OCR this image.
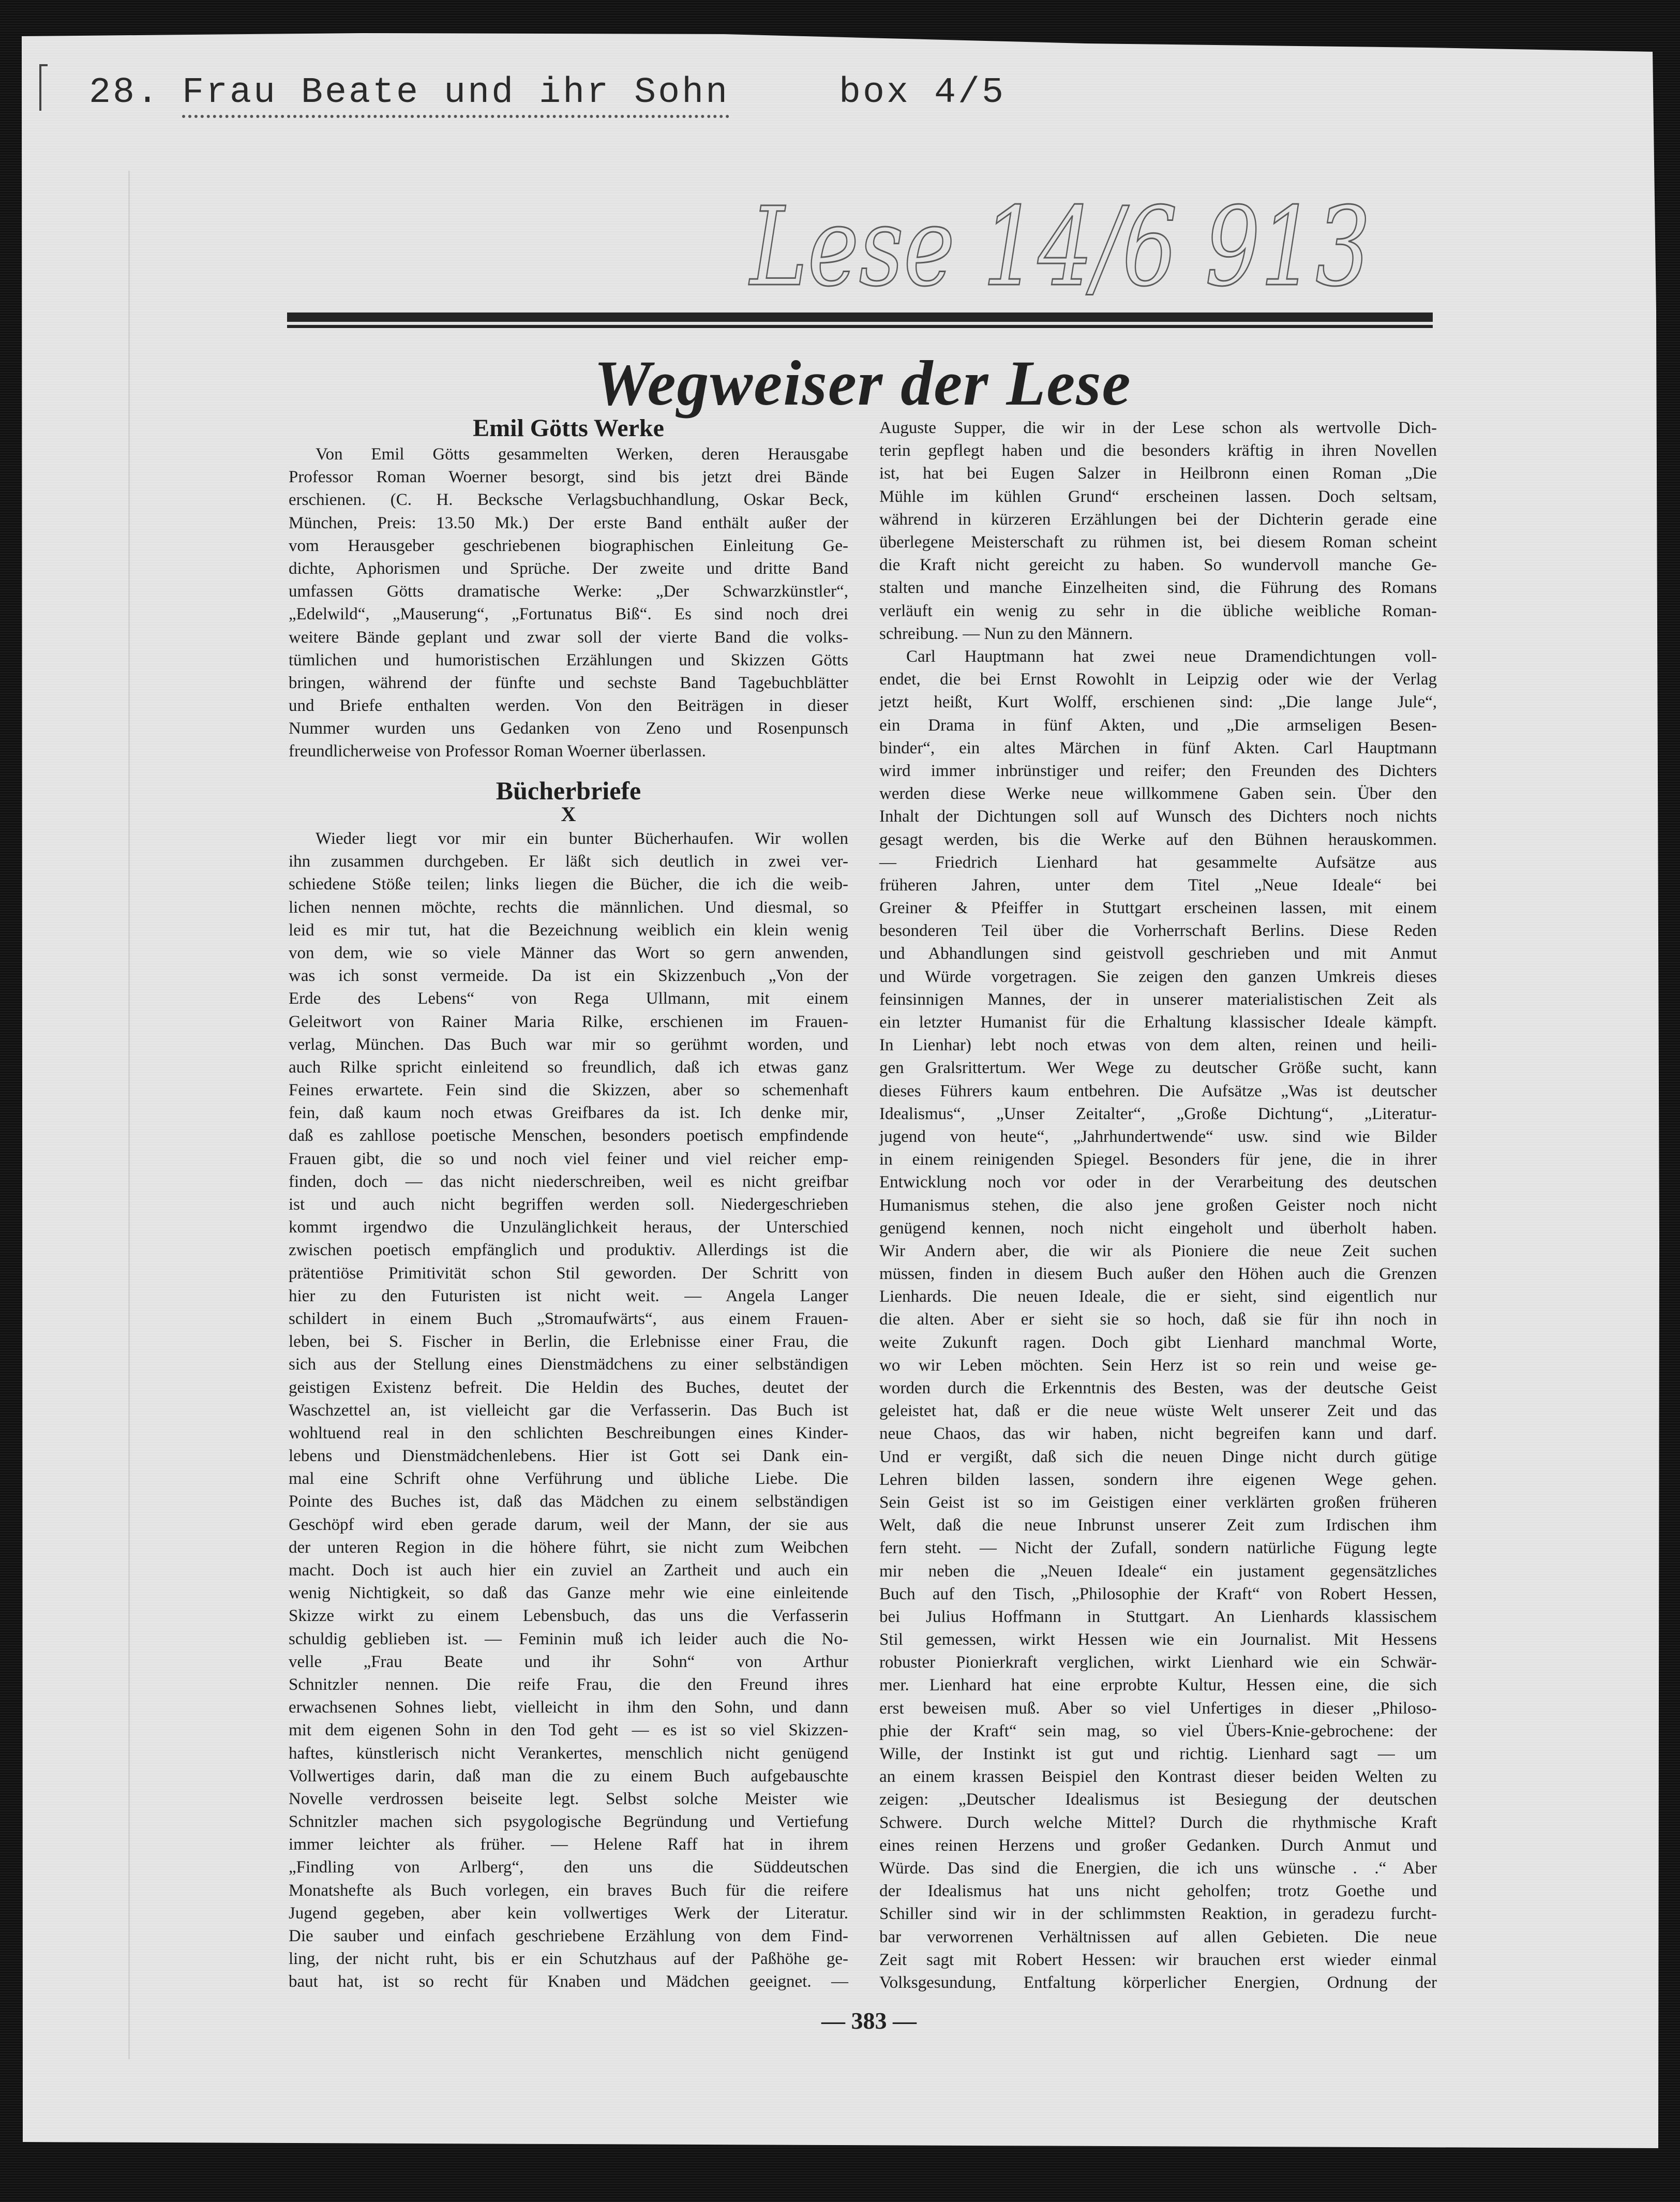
28. Frau Beate und ihr Sohn	box 4/5
Lese 14/6 913
Wegweiser der Lese
Emil Götts Werke
Von Emil Götts gesammelten Werken, deren Herausgabe
Professor Roman Woerner besorgt, sind bis jetzt drei Bände
erschienen. (C. H. Becksche Verlagsbuchhandlung, Oskar Beck,
München, Preis: 13.50 Mk.) Der erste Band enthält außer der
vom Herausgeber geschriebenen biographischen Einleitung Ge-
dichte, Aphorismen und Sprüche. Der zweite und dritte Band
umfassen Götts dramatische Werke: „Der Schwarzkünstler“,
„Edelwild“, „Mauserung“, „Fortunatus Biß“. Es sind noch drei
weitere Bände geplant und zwar soll der vierte Band die volks-
tümlichen und humoristischen Erzählungen und Skizzen Götts
bringen, während der fünfte und sechste Band Tagebuchblätter
und Briefe enthalten werden. Von den Beiträgen in dieser
Nummer wurden uns Gedanken von Zeno und Rosenpunsch
freundlicherweise von Professor Roman Woerner überlassen.
Bücherbriefe
X
Wieder liegt vor mir ein bunter Bücherhaufen. Wir wollen
ihn zusammen durchgeben. Er läßt sich deutlich in zwei ver-
schiedene Stöße teilen; links liegen die Bücher, die ich die weib-
lichen nennen möchte, rechts die männlichen. Und diesmal, so
leid es mir tut, hat die Bezeichnung weiblich ein klein wenig
von dem, wie so viele Männer das Wort so gern anwenden,
was ich sonst vermeide. Da ist ein Skizzenbuch „Von der
Erde des Lebens“ von Rega Ullmann, mit einem
Geleitwort von Rainer Maria Rilke, erschienen im Frauen-
verlag, München. Das Buch war mir so gerühmt worden, und
auch Rilke spricht einleitend so freundlich, daß ich etwas ganz
Feines erwartete. Fein sind die Skizzen, aber so schemenhaft
fein, daß kaum noch etwas Greifbares da ist. Ich denke mir,
daß es zahllose poetische Menschen, besonders poetisch empfindende
Frauen gibt, die so und noch viel feiner und viel reicher emp-
finden, doch — das nicht niederschreiben, weil es nicht greifbar
ist und auch nicht begriffen werden soll. Niedergeschrieben
kommt irgendwo die Unzulänglichkeit heraus, der Unterschied
zwischen poetisch empfänglich und produktiv. Allerdings ist die
prätentiöse Primitivität schon Stil geworden. Der Schritt von
hier zu den Futuristen ist nicht weit. — Angela Langer
schildert in einem Buch „Stromaufwärts“, aus einem Frauen-
leben, bei S. Fischer in Berlin, die Erlebnisse einer Frau, die
sich aus der Stellung eines Dienstmädchens zu einer selbständigen
geistigen Existenz befreit. Die Heldin des Buches, deutet der
Waschzettel an, ist vielleicht gar die Verfasserin. Das Buch ist
wohltuend real in den schlichten Beschreibungen eines Kinder-
lebens und Dienstmädchenlebens. Hier ist Gott sei Dank ein-
mal eine Schrift ohne Verführung und übliche Liebe. Die
Pointe des Buches ist, daß das Mädchen zu einem selbständigen
Geschöpf wird eben gerade darum, weil der Mann, der sie aus
der unteren Region in die höhere führt, sie nicht zum Weibchen
macht. Doch ist auch hier ein zuviel an Zartheit und auch ein
wenig Nichtigkeit, so daß das Ganze mehr wie eine einleitende
Skizze wirkt zu einem Lebensbuch, das uns die Verfasserin
schuldig geblieben ist. — Feminin muß ich leider auch die No-
velle „Frau Beate und ihr Sohn“ von Arthur
Schnitzler nennen. Die reife Frau, die den Freund ihres
erwachsenen Sohnes liebt, vielleicht in ihm den Sohn, und dann
mit dem eigenen Sohn in den Tod geht — es ist so viel Skizzen-
haftes, künstlerisch nicht Verankertes, menschlich nicht genügend
Vollwertiges darin, daß man die zu einem Buch aufgebauschte
Novelle verdrossen beiseite legt. Selbst solche Meister wie
Schnitzler machen sich psygologische Begründung und Vertiefung
immer leichter als früher. — Helene Raff hat in ihrem
„Findling von Arlberg“, den uns die Süddeutschen
Monatshefte als Buch vorlegen, ein braves Buch für die reifere
Jugend gegeben, aber kein vollwertiges Werk der Literatur.
Die sauber und einfach geschriebene Erzählung von dem Find-
ling, der nicht ruht, bis er ein Schutzhaus auf der Paßhöhe ge-
baut hat, ist so recht für Knaben und Mädchen geeignet. —
Auguste Supper, die wir in der Lese schon als wertvolle Dich-
terin gepflegt haben und die besonders kräftig in ihren Novellen
ist, hat bei Eugen Salzer in Heilbronn einen Roman „Die
Mühle im kühlen Grund“ erscheinen lassen. Doch seltsam,
während in kürzeren Erzählungen bei der Dichterin gerade eine
überlegene Meisterschaft zu rühmen ist, bei diesem Roman scheint
die Kraft nicht gereicht zu haben. So wundervoll manche Ge-
stalten und manche Einzelheiten sind, die Führung des Romans
verläuft ein wenig zu sehr in die übliche weibliche Roman-
schreibung. — Nun zu den Männern.
Carl Hauptmann hat zwei neue Dramendichtungen voll-
endet, die bei Ernst Rowohlt in Leipzig oder wie der Verlag
jetzt heißt, Kurt Wolff, erschienen sind: „Die lange Jule“,
ein Drama in fünf Akten, und „Die armseligen Besen-
binder“, ein altes Märchen in fünf Akten. Carl Hauptmann
wird immer inbrünstiger und reifer; den Freunden des Dichters
werden diese Werke neue willkommene Gaben sein. Über den
Inhalt der Dichtungen soll auf Wunsch des Dichters noch nichts
gesagt werden, bis die Werke auf den Bühnen herauskommen.
— Friedrich Lienhard hat gesammelte Aufsätze aus
früheren Jahren, unter dem Titel „Neue Ideale“ bei
Greiner & Pfeiffer in Stuttgart erscheinen lassen, mit einem
besonderen Teil über die Vorherrschaft Berlins. Diese Reden
und Abhandlungen sind geistvoll geschrieben und mit Anmut
und Würde vorgetragen. Sie zeigen den ganzen Umkreis dieses
feinsinnigen Mannes, der in unserer materialistischen Zeit als
ein letzter Humanist für die Erhaltung klassischer Ideale kämpft.
In Lienhar) lebt noch etwas von dem alten, reinen und heili-
gen Gralsrittertum. Wer Wege zu deutscher Größe sucht, kann
dieses Führers kaum entbehren. Die Aufsätze „Was ist deutscher
Idealismus“, „Unser Zeitalter“, „Große Dichtung“, „Literatur-
jugend von heute“, „Jahrhundertwende“ usw. sind wie Bilder
in einem reinigenden Spiegel. Besonders für jene, die in ihrer
Entwicklung noch vor oder in der Verarbeitung des deutschen
Humanismus stehen, die also jene großen Geister noch nicht
genügend kennen, noch nicht eingeholt und überholt haben.
Wir Andern aber, die wir als Pioniere die neue Zeit suchen
müssen, finden in diesem Buch außer den Höhen auch die Grenzen
Lienhards. Die neuen Ideale, die er sieht, sind eigentlich nur
die alten. Aber er sieht sie so hoch, daß sie für ihn noch in
weite Zukunft ragen. Doch gibt Lienhard manchmal Worte,
wo wir Leben möchten. Sein Herz ist so rein und weise ge-
worden durch die Erkenntnis des Besten, was der deutsche Geist
geleistet hat, daß er die neue wüste Welt unserer Zeit und das
neue Chaos, das wir haben, nicht begreifen kann und darf.
Und er vergißt, daß sich die neuen Dinge nicht durch gütige
Lehren bilden lassen, sondern ihre eigenen Wege gehen.
Sein Geist ist so im Geistigen einer verklärten großen früheren
Welt, daß die neue Inbrunst unserer Zeit zum Irdischen ihm
fern steht. — Nicht der Zufall, sondern natürliche Fügung legte
mir neben die „Neuen Ideale“ ein justament gegensätzliches
Buch auf den Tisch, „Philosophie der Kraft“ von Robert Hessen,
bei Julius Hoffmann in Stuttgart. An Lienhards klassischem
Stil gemessen, wirkt Hessen wie ein Journalist. Mit Hessens
robuster Pionierkraft verglichen, wirkt Lienhard wie ein Schwär-
mer. Lienhard hat eine erprobte Kultur, Hessen eine, die sich
erst beweisen muß. Aber so viel Unfertiges in dieser „Philoso-
phie der Kraft“ sein mag, so viel Übers-Knie-gebrochene: der
Wille, der Instinkt ist gut und richtig. Lienhard sagt — um
an einem krassen Beispiel den Kontrast dieser beiden Welten zu
zeigen: „Deutscher Idealismus ist Besiegung der deutschen
Schwere. Durch welche Mittel? Durch die rhythmische Kraft
eines reinen Herzens und großer Gedanken. Durch Anmut und
Würde. Das sind die Energien, die ich uns wünsche . .“ Aber
der Idealismus hat uns nicht geholfen; trotz Goethe und
Schiller sind wir in der schlimmsten Reaktion, in geradezu furcht-
bar verworrenen Verhältnissen auf allen Gebieten. Die neue
Zeit sagt mit Robert Hessen: wir brauchen erst wieder einmal
Volksgesundung, Entfaltung körperlicher Energien, Ordnung der
— 383 —
